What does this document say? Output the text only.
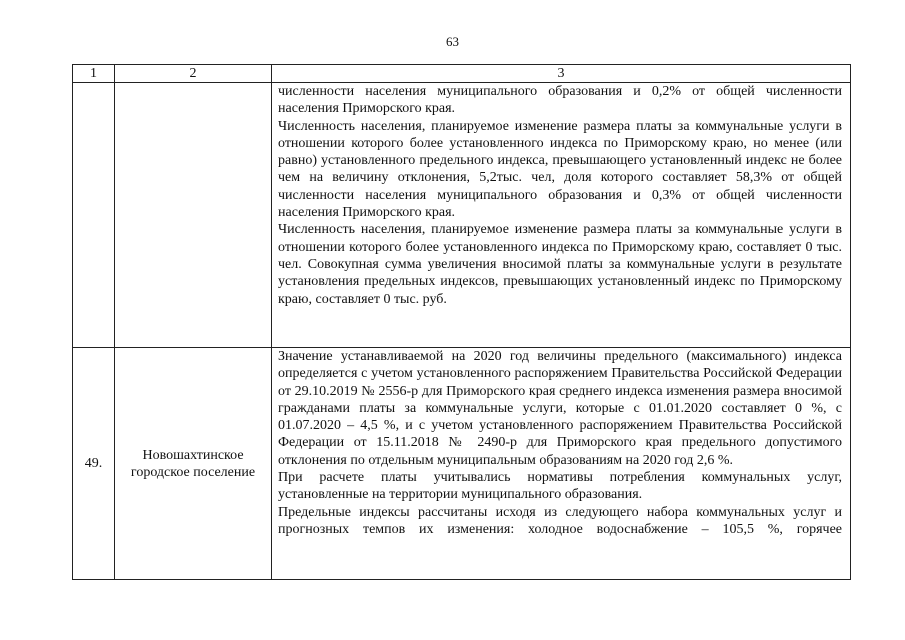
63
1	2	3

		численности населения муниципального образования и 0,2% от общей численности населения Приморского края.
Численность населения, планируемое изменение размера платы за коммунальные услуги в отношении которого более установленного индекса по Приморскому краю, но менее (или равно) установленного предельного индекса, превышающего установленный индекс не более чем на величину отклонения, 5,2тыс. чел, доля которого составляет 58,3% от общей численности населения муниципального образования и 0,3% от общей численности населения Приморского края.
Численность населения, планируемое изменение размера платы за коммунальные услуги в отношении которого более установленного индекса по Приморскому краю, составляет 0 тыс. чел. Совокупная сумма увеличения вносимой платы за коммунальные услуги в результате установления предельных индексов, превышающих установленный индекс по Приморскому краю, составляет 0 тыс. руб.

49.	Новошахтинское городское поселение	Значение устанавливаемой на 2020 год величины предельного (максимального) индекса определяется с учетом установленного распоряжением Правительства Российской Федерации от 29.10.2019 № 2556-р для Приморского края среднего индекса изменения размера вносимой гражданами платы за коммунальные услуги, которые с 01.01.2020 составляет 0 %, с 01.07.2020 – 4,5 %, и с учетом установленного распоряжением Правительства Российской Федерации от 15.11.2018 № 2490-р для Приморского края предельного допустимого отклонения по отдельным муниципальным образованиям на 2020 год 2,6 %.
При расчете платы учитывались нормативы потребления коммунальных услуг, установленные на территории муниципального образования.
Предельные индексы рассчитаны исходя из следующего набора коммунальных услуг и прогнозных темпов их изменения: холодное водоснабжение – 105,5 %, горячее
